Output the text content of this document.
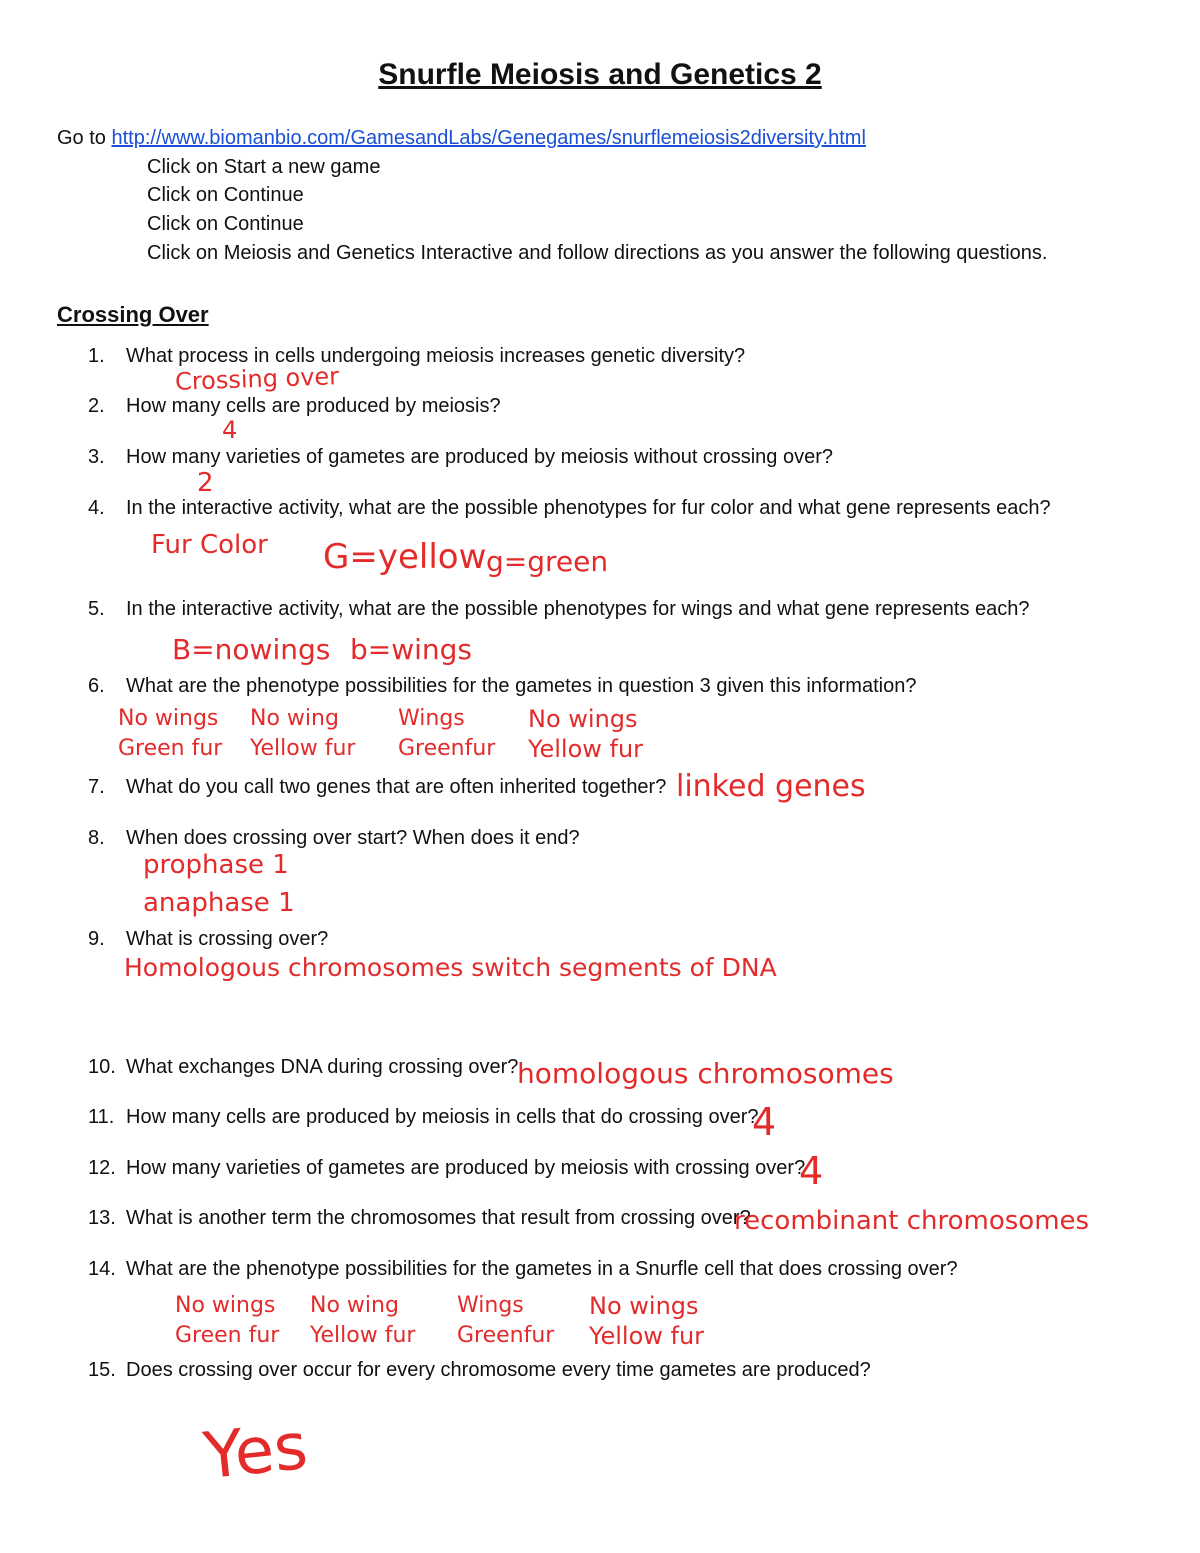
Snurfle Meiosis and Genetics 2
Go to http://www.biomanbio.com/GamesandLabs/Genegames/snurflemeiosis2diversity.html
Click on Start a new game
Click on Continue
Click on Continue
Click on Meiosis and Genetics Interactive and follow directions as you answer the following questions.
Crossing Over
1. What process in cells undergoing meiosis increases genetic diversity?
2. How many cells are produced by meiosis?
3. How many varieties of gametes are produced by meiosis without crossing over?
4. In the interactive activity, what are the possible phenotypes for fur color and what gene represents each?
5. In the interactive activity, what are the possible phenotypes for wings and what gene represents each?
6. What are the phenotype possibilities for the gametes in question 3 given this information?
7. What do you call two genes that are often inherited together?
8. When does crossing over start? When does it end?
9. What is crossing over?
10. What exchanges DNA during crossing over?
11. How many cells are produced by meiosis in cells that do crossing over?
12. How many varieties of gametes are produced by meiosis with crossing over?
13. What is another term the chromosomes that result from crossing over?
14. What are the phenotype possibilities for the gametes in a Snurfle cell that does crossing over?
15. Does crossing over occur for every chromosome every time gametes are produced?
Crossing over
4
2
Fur Color G=yellow g=green
B=nowings b=wings
No wings
Green fur
No wing
Yellow fur
Wings
Greenfur
No wings
Yellow fur
linked genes
prophase 1
anaphase 1
Homologous chromosomes switch segments of DNA
homologous chromosomes
4
4
recombinant chromosomes
No wings
Green fur
No wing
Yellow fur
Wings
Greenfur
No wings
Yellow fur
Yes
